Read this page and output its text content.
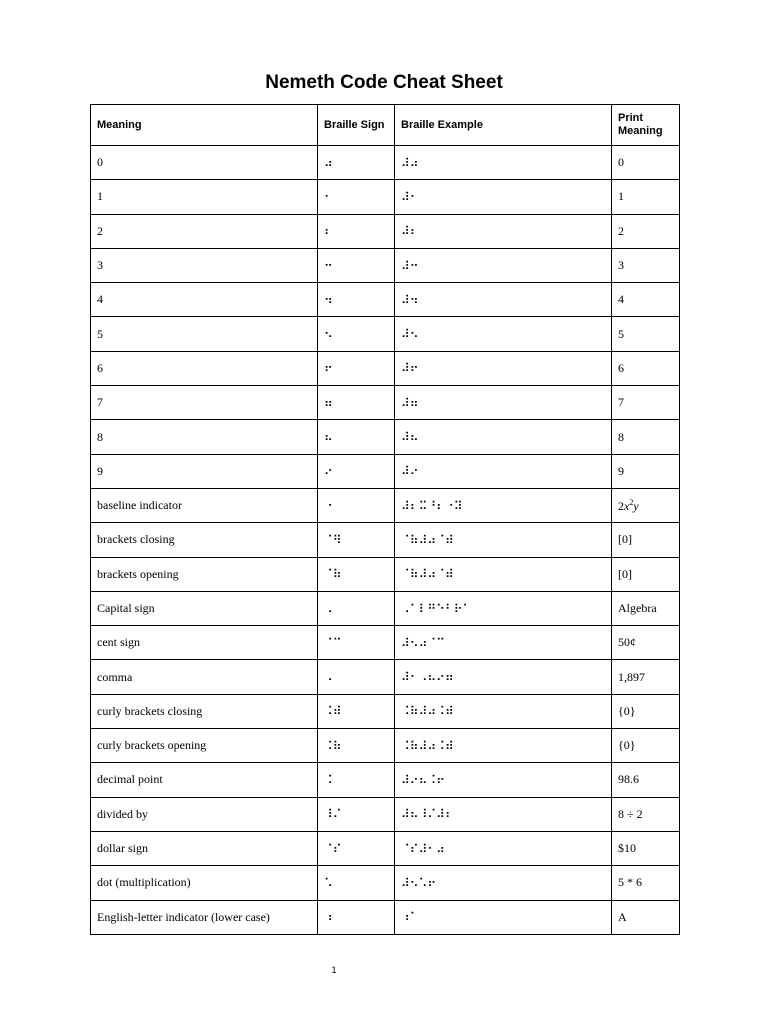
Nemeth Code Cheat Sheet
Meaning	Braille Sign	Braille Example	Print Meaning
0	⠴	⠼⠴	0
1	⠂	⠼⠂	1
2	⠆	⠼⠆	2
3	⠒	⠼⠒	3
4	⠲	⠼⠲	4
5	⠢	⠼⠢	5
6	⠖	⠼⠖	6
7	⠶	⠼⠶	7
8	⠦	⠼⠦	8
9	⠔	⠼⠔	9
baseline indicator	⠐	⠼⠆⠭⠘⠆⠐⠽	$2x^2y$
brackets closing	⠈⠻	⠈⠷⠼⠴⠈⠾	[0]
brackets opening	⠈⠷	⠈⠷⠼⠴⠈⠾	[0]
Capital sign	⠠	⠠⠁⠇⠛⠑⠃⠗⠁	Algebra
cent sign	⠈⠉	⠼⠢⠴⠈⠉	50¢
comma	⠠	⠼⠂⠠⠦⠔⠶	1,897
curly brackets closing	⠨⠾	⠨⠷⠼⠴⠨⠾	{0}
curly brackets opening	⠨⠷	⠨⠷⠼⠴⠨⠾	{0}
decimal point	⠨	⠼⠔⠦⠨⠖	98.6
divided by	⠸⠌	⠼⠦⠸⠌⠼⠆	8 ÷ 2
dollar sign	⠈⠎	⠈⠎⠼⠂⠴	$10
dot (multiplication)	⠡	⠼⠢⠡⠖	5 * 6
English-letter indicator (lower case)	⠰	⠰⠁	A
1
